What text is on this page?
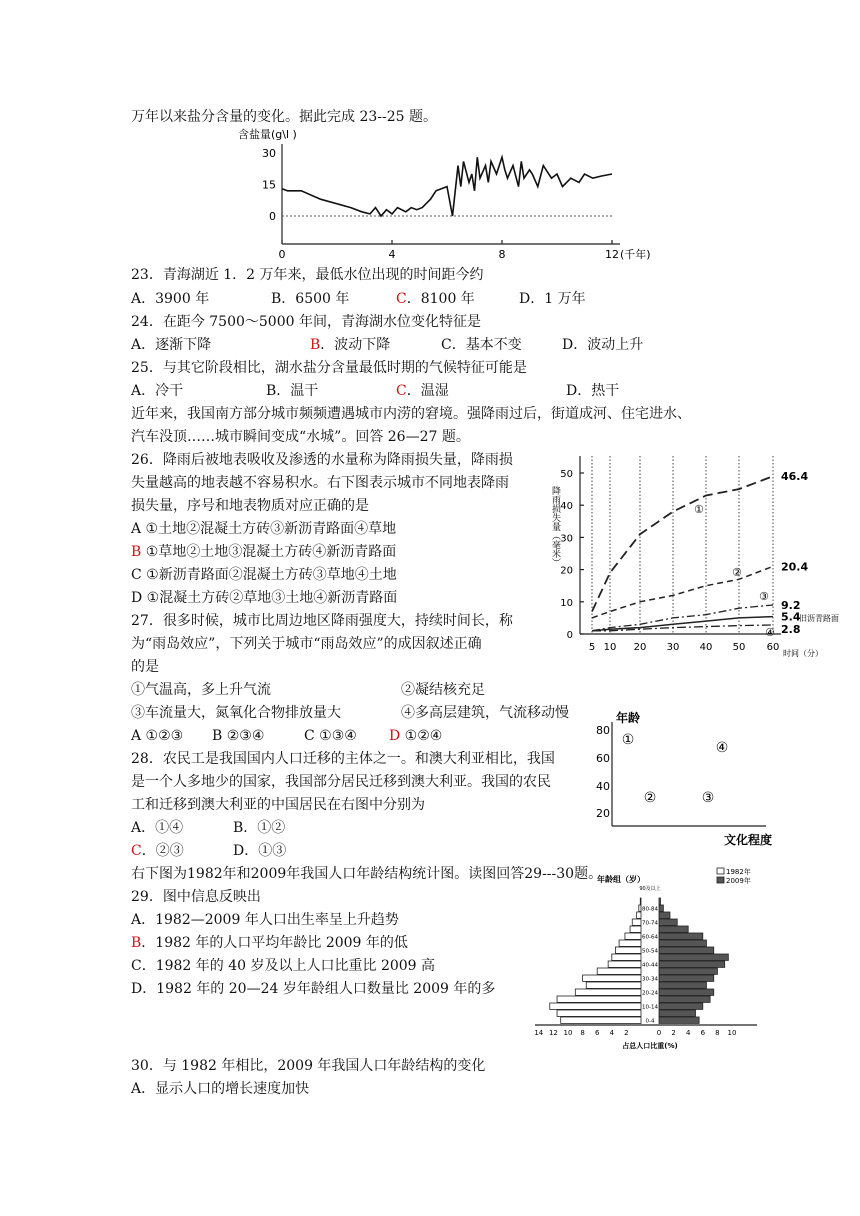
万年以来盐分含量的变化。据此完成 23--25 题。
含盐量(g\l )
30
15
0
0	4	8	12 (千年)
23．青海湖近 1．2 万年来，最低水位出现的时间距今约
A．3900 年	B．6500 年	C．8100 年	D．1 万年
24．在距今 7500～5000 年间，青海湖水位变化特征是
A．逐渐下降	B．波动下降	C．基本不变	D．波动上升
25．与其它阶段相比，湖水盐分含量最低时期的气候特征可能是
A．冷干	B．温干	C．温湿	D．热干
近年来，我国南方部分城市频频遭遇城市内涝的窘境。强降雨过后，街道成河、住宅进水、
汽车没顶……城市瞬间变成“水城”。回答 26—27 题。
26．降雨后被地表吸收及渗透的水量称为降雨损失量，降雨损
失量越高的地表越不容易积水。右下图表示城市不同地表降雨
损失量，序号和地表物质对应正确的是
A ①土地②混凝土方砖③新沥青路面④草地
B ①草地②土地③混凝土方砖④新沥青路面
C ①新沥青路面②混凝土方砖③草地④土地
D ①混凝土方砖②草地③土地④新沥青路面
降雨损失量（毫米）
50
40
30
20
10
0
5 10 20 30 40 50 60
时间（分）
46.4
20.4
9.2
5.4
2.8
①
②
③
④
旧沥青路面
27．很多时候，城市比周边地区降雨强度大，持续时间长，称
为“雨岛效应”，下列关于城市“雨岛效应”的成因叙述正确
的是
①气温高，多上升气流	②凝结核充足
③车流量大，氮氧化合物排放量大	④多高层建筑，气流移动慢
A ①②③ B ②③④	C ①③④ D ①②④
年龄
80
60
40
20
①	④
②	③
文化程度
28．农民工是我国国内人口迁移的主体之一。和澳大利亚相比，我国
是一个人多地少的国家，我国部分居民迁移到澳大利亚。我国的农民
工和迁移到澳大利亚的中国居民在右图中分别为
A．①④	B．①②
C．②③	D．①③
右下图为1982年和2009年我国人口年龄结构统计图。读图回答29---30题。
29．图中信息反映出
A．1982—2009 年人口出生率呈上升趋势
B．1982 年的人口平均年龄比 2009 年的低
C．1982 年的 40 岁及以上人口比重比 2009 高
D．1982 年的 20—24 岁年龄组人口数量比 2009 年的多
年龄组（岁）
1982年
2009年
90及以上
0-4
10-14
20-24
30-34
40-44
50-54
60-64
70-74
80-84
14 12 10 8 6 4 2	0 2 4 6 8 10
占总人口比重(%)
30．与 1982 年相比，2009 年我国人口年龄结构的变化
A．显示人口的增长速度加快
